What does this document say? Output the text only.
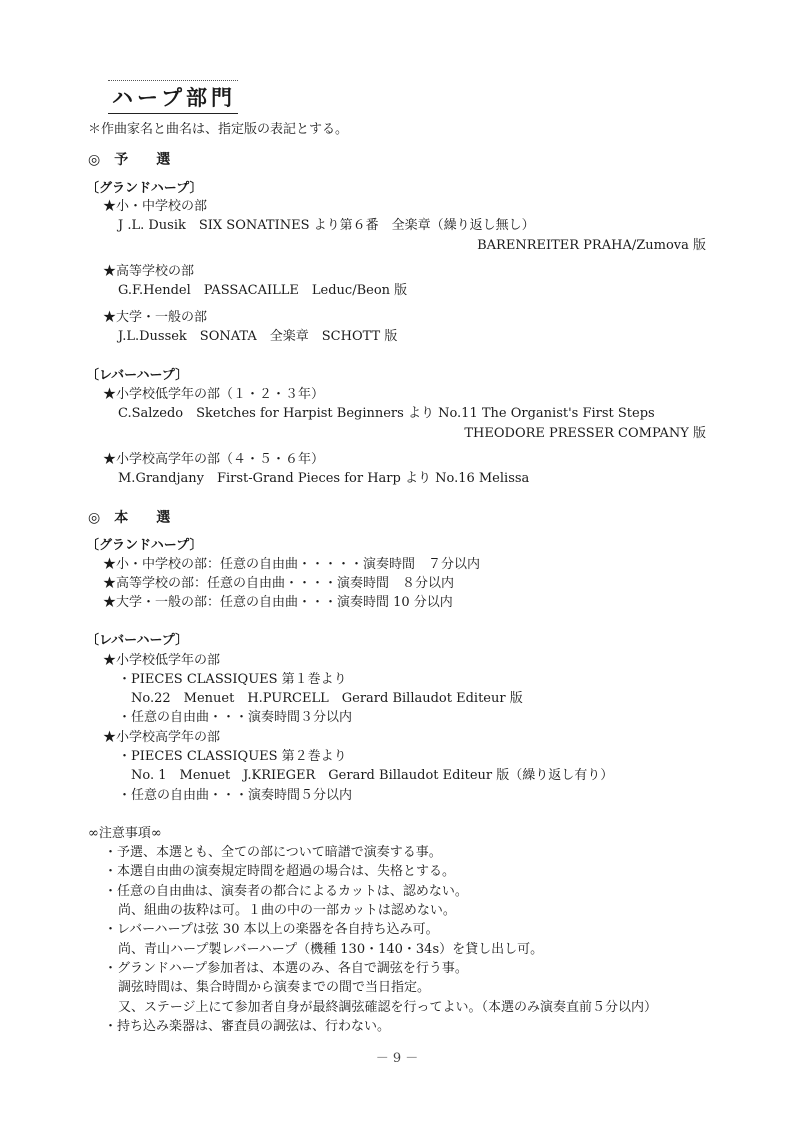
ハープ部門
＊作曲家名と曲名は、指定版の表記とする。
◎　予　　選
〔グランドハープ〕
★小・中学校の部
J .L. Dusik　SIX SONATINES より第６番　全楽章（繰り返し無し）
BARENREITER PRAHA/Zumova 版
★高等学校の部
G.F.Hendel　PASSACAILLE　Leduc/Beon 版
★大学・一般の部
J.L.Dussek　SONATA　全楽章　SCHOTT 版
〔レバーハープ〕
★小学校低学年の部（１・２・３年）
C.Salzedo　Sketches for Harpist Beginners より No.11 The Organist's First Steps
THEODORE PRESSER COMPANY 版
★小学校高学年の部（４・５・６年）
M.Grandjany　First-Grand Pieces for Harp より No.16 Melissa
◎　本　　選
〔グランドハープ〕
★小・中学校の部：任意の自由曲・・・・・演奏時間　７分以内
★高等学校の部：任意の自由曲・・・・演奏時間　８分以内
★大学・一般の部：任意の自由曲・・・演奏時間 10 分以内
〔レバーハープ〕
★小学校低学年の部
・PIECES CLASSIQUES 第１巻より
No.22　Menuet　H.PURCELL　Gerard Billaudot Editeur 版
・任意の自由曲・・・演奏時間３分以内
★小学校高学年の部
・PIECES CLASSIQUES 第２巻より
No. 1　Menuet　J.KRIEGER　Gerard Billaudot Editeur 版（繰り返し有り）
・任意の自由曲・・・演奏時間５分以内
∞注意事項∞
・予選、本選とも、全ての部について暗譜で演奏する事。
・本選自由曲の演奏規定時間を超過の場合は、失格とする。
・任意の自由曲は、演奏者の都合によるカットは、認めない。
尚、組曲の抜粋は可。１曲の中の一部カットは認めない。
・レバーハープは弦 30 本以上の楽器を各自持ち込み可。
尚、青山ハープ製レバーハープ（機種 130・140・34s）を貸し出し可。
・グランドハープ参加者は、本選のみ、各自で調弦を行う事。
調弦時間は、集合時間から演奏までの間で当日指定。
又、ステージ上にて参加者自身が最終調弦確認を行ってよい。（本選のみ演奏直前５分以内）
・持ち込み楽器は、審査員の調弦は、行わない。
－ 9 －
